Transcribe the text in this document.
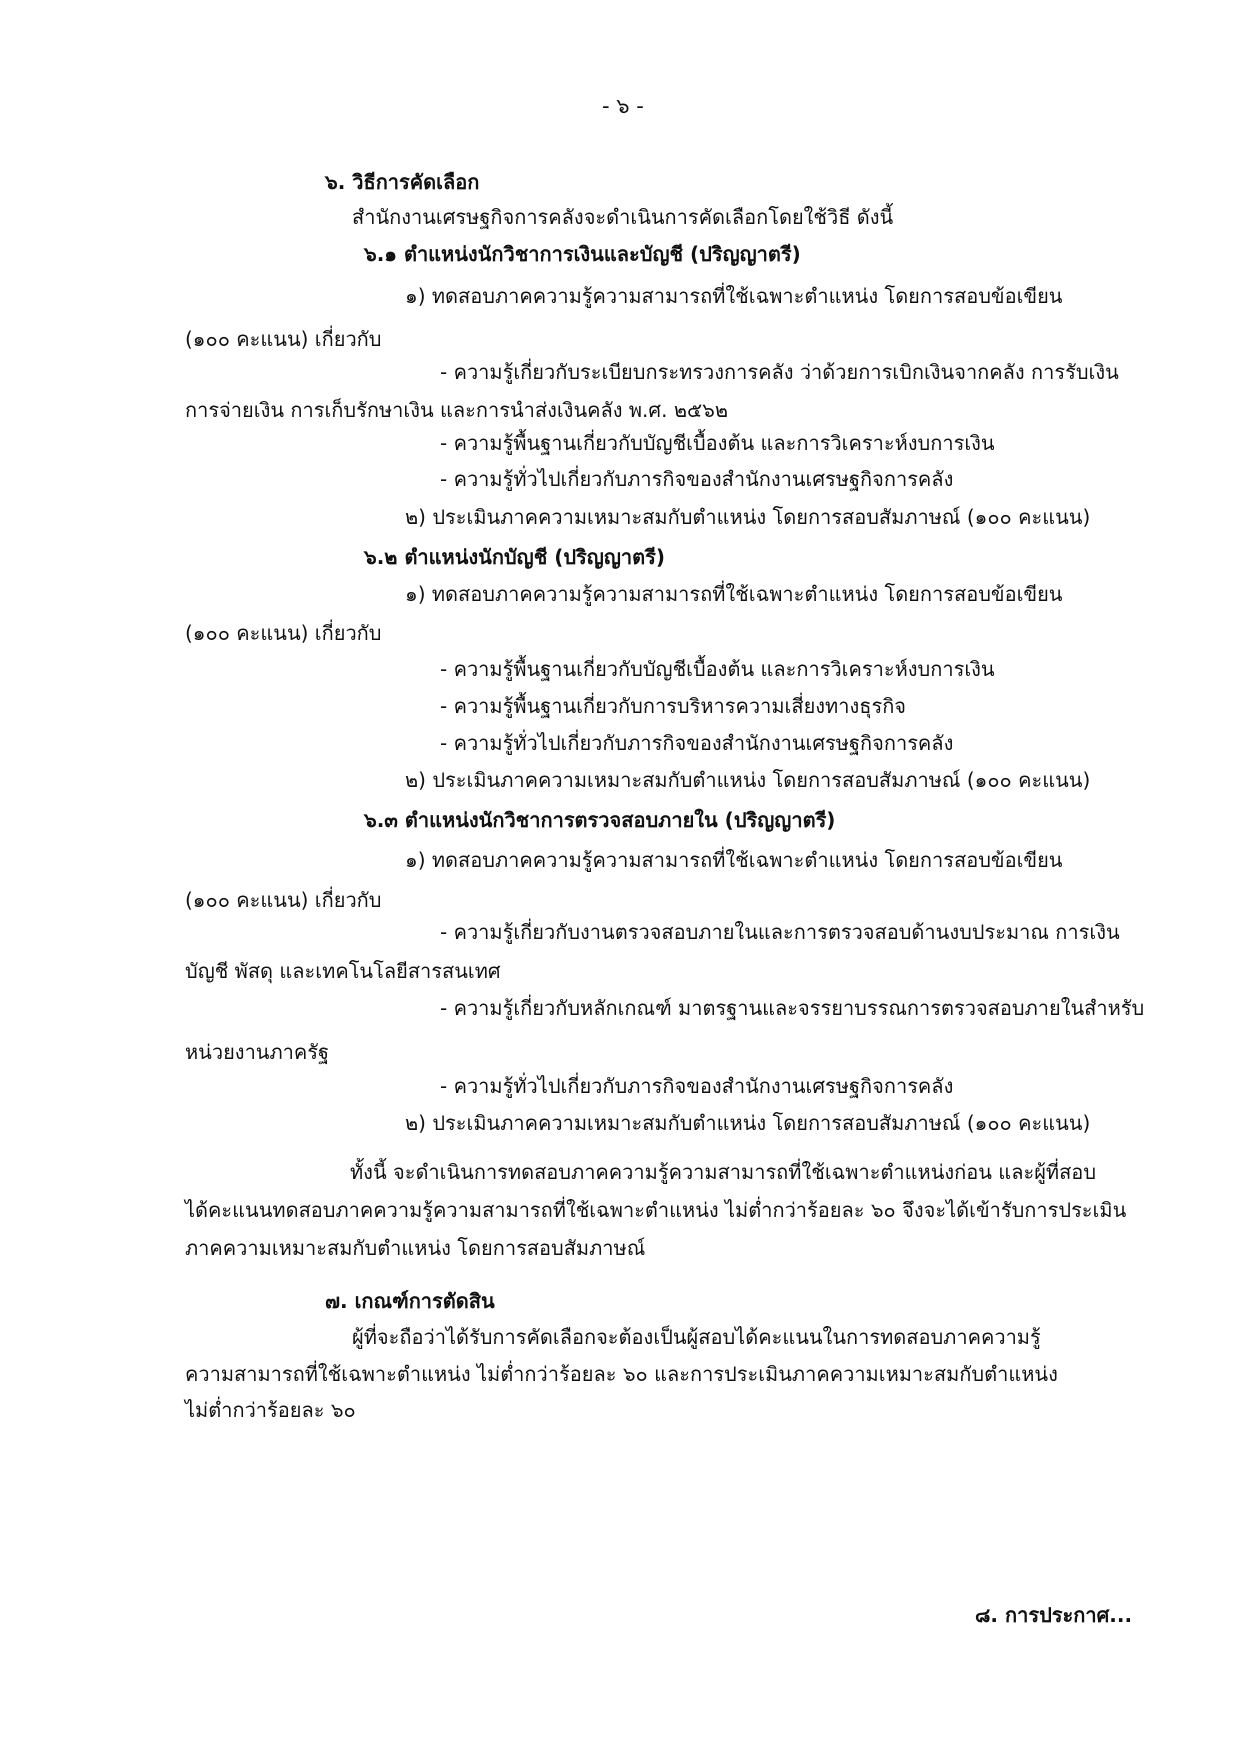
- ๖ -

๖. วิธีการคัดเลือก

สำนักงานเศรษฐกิจการคลังจะดำเนินการคัดเลือกโดยใช้วิธี ดังนี้

๖.๑ ตำแหน่งนักวิชาการเงินและบัญชี (ปริญญาตรี)

๑) ทดสอบภาคความรู้ความสามารถที่ใช้เฉพาะตำแหน่ง โดยการสอบข้อเขียน

(๑๐๐ คะแนน) เกี่ยวกับ

- ความรู้เกี่ยวกับระเบียบกระทรวงการคลัง ว่าด้วยการเบิกเงินจากคลัง การรับเงิน

การจ่ายเงิน การเก็บรักษาเงิน และการนำส่งเงินคลัง พ.ศ. ๒๕๖๒

- ความรู้พื้นฐานเกี่ยวกับบัญชีเบื้องต้น และการวิเคราะห์งบการเงิน

- ความรู้ทั่วไปเกี่ยวกับภารกิจของสำนักงานเศรษฐกิจการคลัง

๒) ประเมินภาคความเหมาะสมกับตำแหน่ง โดยการสอบสัมภาษณ์ (๑๐๐ คะแนน)

๖.๒ ตำแหน่งนักบัญชี (ปริญญาตรี)

๑) ทดสอบภาคความรู้ความสามารถที่ใช้เฉพาะตำแหน่ง โดยการสอบข้อเขียน

(๑๐๐ คะแนน) เกี่ยวกับ

- ความรู้พื้นฐานเกี่ยวกับบัญชีเบื้องต้น และการวิเคราะห์งบการเงิน

- ความรู้พื้นฐานเกี่ยวกับการบริหารความเสี่ยงทางธุรกิจ

- ความรู้ทั่วไปเกี่ยวกับภารกิจของสำนักงานเศรษฐกิจการคลัง

๒) ประเมินภาคความเหมาะสมกับตำแหน่ง โดยการสอบสัมภาษณ์ (๑๐๐ คะแนน)

๖.๓ ตำแหน่งนักวิชาการตรวจสอบภายใน (ปริญญาตรี)

๑) ทดสอบภาคความรู้ความสามารถที่ใช้เฉพาะตำแหน่ง โดยการสอบข้อเขียน

(๑๐๐ คะแนน) เกี่ยวกับ

- ความรู้เกี่ยวกับงานตรวจสอบภายในและการตรวจสอบด้านงบประมาณ การเงิน

บัญชี พัสดุ และเทคโนโลยีสารสนเทศ

- ความรู้เกี่ยวกับหลักเกณฑ์ มาตรฐานและจรรยาบรรณการตรวจสอบภายในสำหรับ

หน่วยงานภาครัฐ

- ความรู้ทั่วไปเกี่ยวกับภารกิจของสำนักงานเศรษฐกิจการคลัง

๒) ประเมินภาคความเหมาะสมกับตำแหน่ง โดยการสอบสัมภาษณ์ (๑๐๐ คะแนน)

ทั้งนี้ จะดำเนินการทดสอบภาคความรู้ความสามารถที่ใช้เฉพาะตำแหน่งก่อน และผู้ที่สอบ

ได้คะแนนทดสอบภาคความรู้ความสามารถที่ใช้เฉพาะตำแหน่ง ไม่ต่ำกว่าร้อยละ ๖๐ จึงจะได้เข้ารับการประเมิน

ภาคความเหมาะสมกับตำแหน่ง โดยการสอบสัมภาษณ์

๗. เกณฑ์การตัดสิน

ผู้ที่จะถือว่าได้รับการคัดเลือกจะต้องเป็นผู้สอบได้คะแนนในการทดสอบภาคความรู้

ความสามารถที่ใช้เฉพาะตำแหน่ง ไม่ต่ำกว่าร้อยละ ๖๐ และการประเมินภาคความเหมาะสมกับตำแหน่ง

ไม่ต่ำกว่าร้อยละ ๖๐

๘. การประกาศ...
